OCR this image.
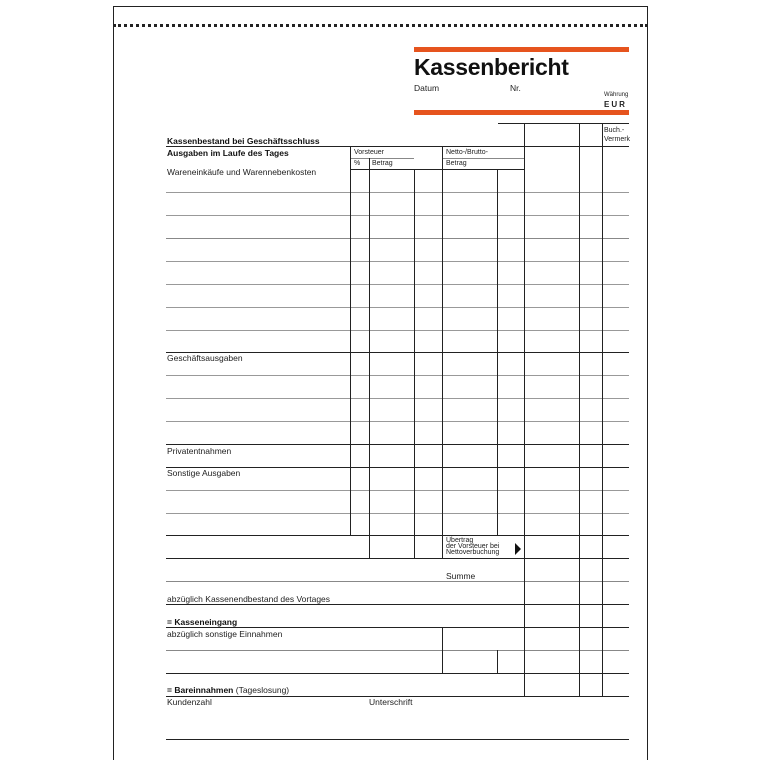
Kassenbericht
Datum	Nr.
Währung
EUR
Vorsteuer
% Betrag
Netto-/Brutto-
Betrag
Buch.-
Vermerk
Kassenbestand bei Geschäftsschluss
Ausgaben im Laufe des Tages
Wareneinkäufe und Warennebenkosten
Geschäftsausgaben
Privatentnahmen
Sonstige Ausgaben
Übertrag
der Vorsteuer bei
Nettoverbuchung
Summe
abzüglich Kassenendbestand des Vortages
= Kasseneingang
abzüglich sonstige Einnahmen
= Bareinnahmen (Tageslosung)
Kundenzahl	Unterschrift
